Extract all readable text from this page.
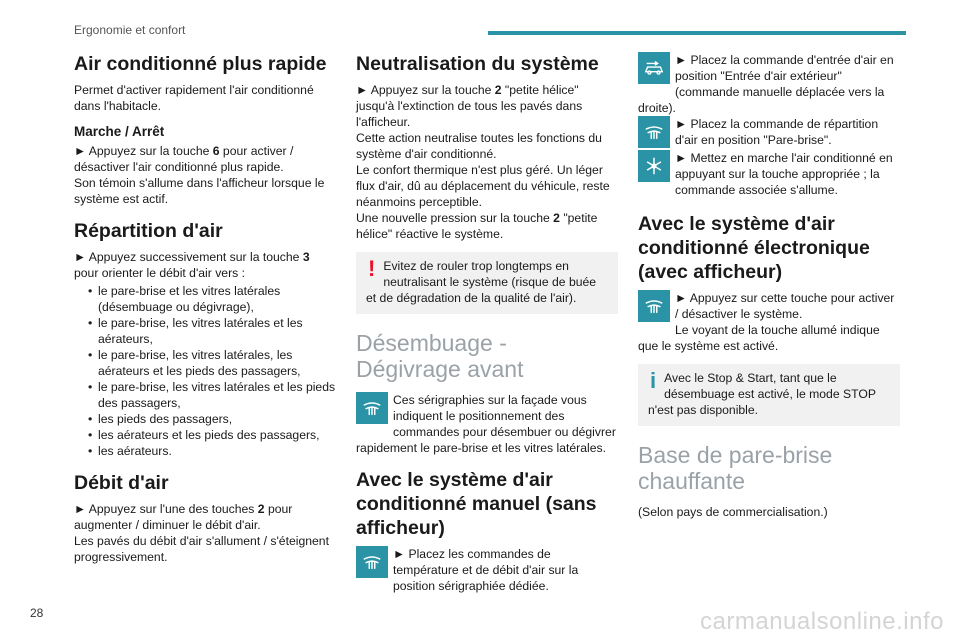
Ergonomie et confort
Air conditionné plus rapide

Permet d'activer rapidement l'air conditionné dans l'habitacle.

Marche / Arrêt

► Appuyez sur la touche 6 pour activer / désactiver l'air conditionné plus rapide.

Son témoin s'allume dans l'afficheur lorsque le système est actif.

Répartition d'air

► Appuyez successivement sur la touche 3 pour orienter le débit d'air vers :

• le pare-brise et les vitres latérales (désembuage ou dégivrage),
• le pare-brise, les vitres latérales et les aérateurs,
• le pare-brise, les vitres latérales, les aérateurs et les pieds des passagers,
• le pare-brise, les vitres latérales et les pieds des passagers,
• les pieds des passagers,
• les aérateurs et les pieds des passagers,
• les aérateurs.
Débit d'air

► Appuyez sur l'une des touches 2 pour augmenter / diminuer le débit d'air.

Les pavés du débit d'air s'allument / s'éteignent progressivement.

Neutralisation du système

► Appuyez sur la touche 2 "petite hélice" jusqu'à l'extinction de tous les pavés dans l'afficheur.

Cette action neutralise toutes les fonctions du système d'air conditionné.

Le confort thermique n'est plus géré. Un léger flux d'air, dû au déplacement du véhicule, reste néanmoins perceptible.

Une nouvelle pression sur la touche 2 "petite hélice" réactive le système.

! Evitez de rouler trop longtemps en neutralisant le système (risque de buée et de dégradation de la qualité de l'air).

Désembuage - Dégivrage avant

Ces sérigraphies sur la façade vous indiquent le positionnement des commandes pour désembuer ou dégivrer rapidement le pare-brise et les vitres latérales.

Avec le système d'air conditionné manuel (sans afficheur)

► Placez les commandes de température et de débit d'air sur la position sérigraphiée dédiée.

► Placez la commande d'entrée d'air en position "Entrée d'air extérieur" (commande manuelle déplacée vers la droite).

► Placez la commande de répartition d'air en position "Pare-brise".

► Mettez en marche l'air conditionné en appuyant sur la touche appropriée ; la commande associée s'allume.

Avec le système d'air conditionné électronique (avec afficheur)

► Appuyez sur cette touche pour activer / désactiver le système.

Le voyant de la touche allumé indique que le système est activé.

i Avec le Stop & Start, tant que le désembuage est activé, le mode STOP n'est pas disponible.

Base de pare-brise chauffante

(Selon pays de commercialisation.)

28	carmanualsonline.info
